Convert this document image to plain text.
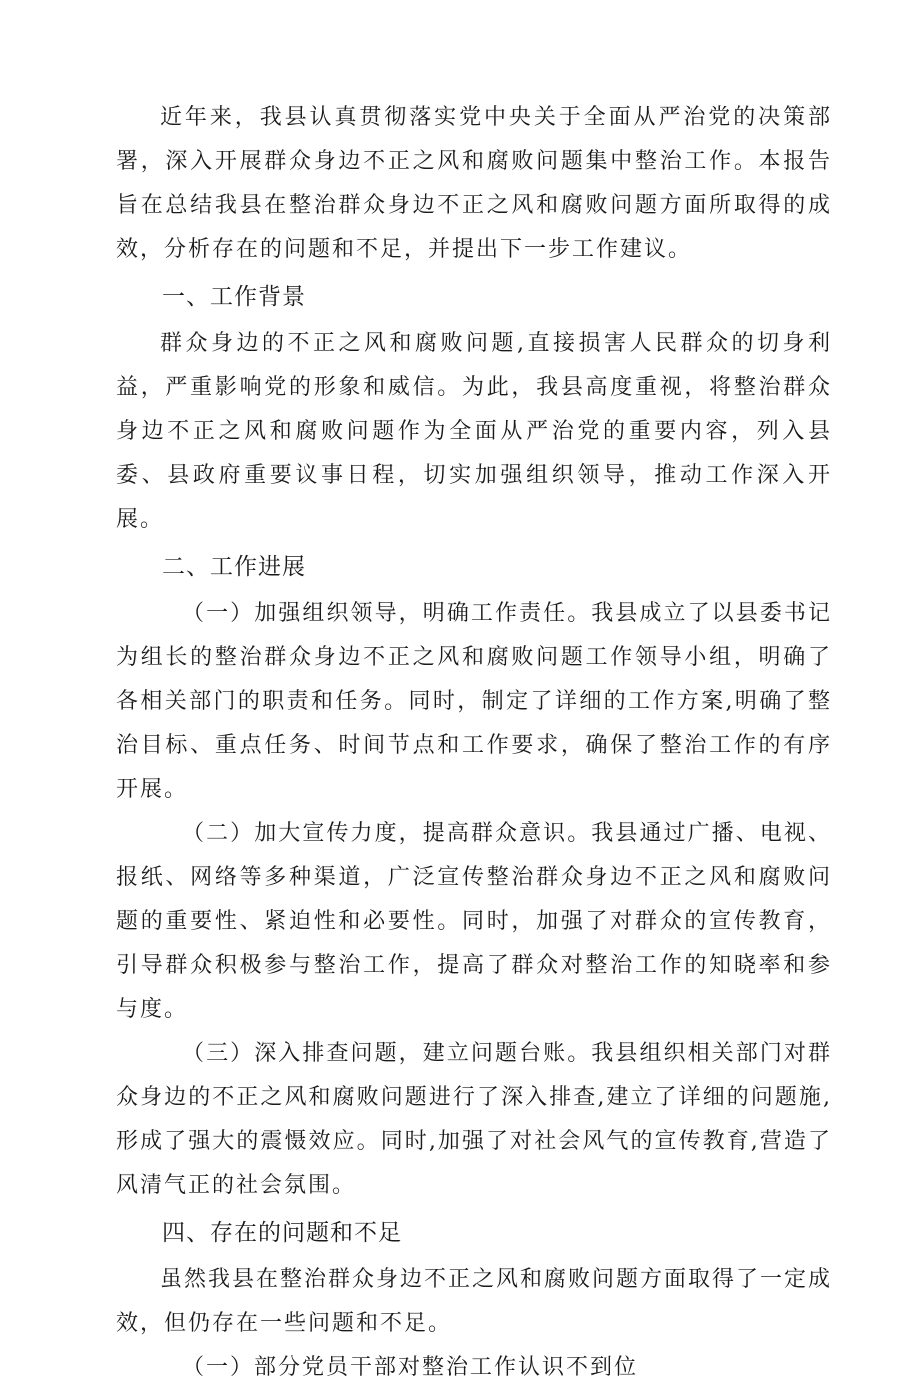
近年来，我县认真贯彻落实党中央关于全面从严治党的决策部署，深入开展群众身边不正之风和腐败问题集中整治工作。本报告旨在总结我县在整治群众身边不正之风和腐败问题方面所取得的成效，分析存在的问题和不足，并提出下一步工作建议。

一、工作背景

群众身边的不正之风和腐败问题,直接损害人民群众的切身利益，严重影响党的形象和威信。为此，我县高度重视，将整治群众身边不正之风和腐败问题作为全面从严治党的重要内容，列入县委、县政府重要议事日程，切实加强组织领导，推动工作深入开展。

二、工作进展

（一）加强组织领导，明确工作责任。我县成立了以县委书记为组长的整治群众身边不正之风和腐败问题工作领导小组，明确了各相关部门的职责和任务。同时，制定了详细的工作方案,明确了整治目标、重点任务、时间节点和工作要求，确保了整治工作的有序开展。

（二）加大宣传力度，提高群众意识。我县通过广播、电视、报纸、网络等多种渠道，广泛宣传整治群众身边不正之风和腐败问题的重要性、紧迫性和必要性。同时，加强了对群众的宣传教育，引导群众积极参与整治工作，提高了群众对整治工作的知晓率和参与度。

（三）深入排查问题，建立问题台账。我县组织相关部门对群众身边的不正之风和腐败问题进行了深入排查,建立了详细的问题施,形成了强大的震慑效应。同时,加强了对社会风气的宣传教育,营造了风清气正的社会氛围。

四、存在的问题和不足

虽然我县在整治群众身边不正之风和腐败问题方面取得了一定成效，但仍存在一些问题和不足。

（一）部分党员干部对整治工作认识不到位
